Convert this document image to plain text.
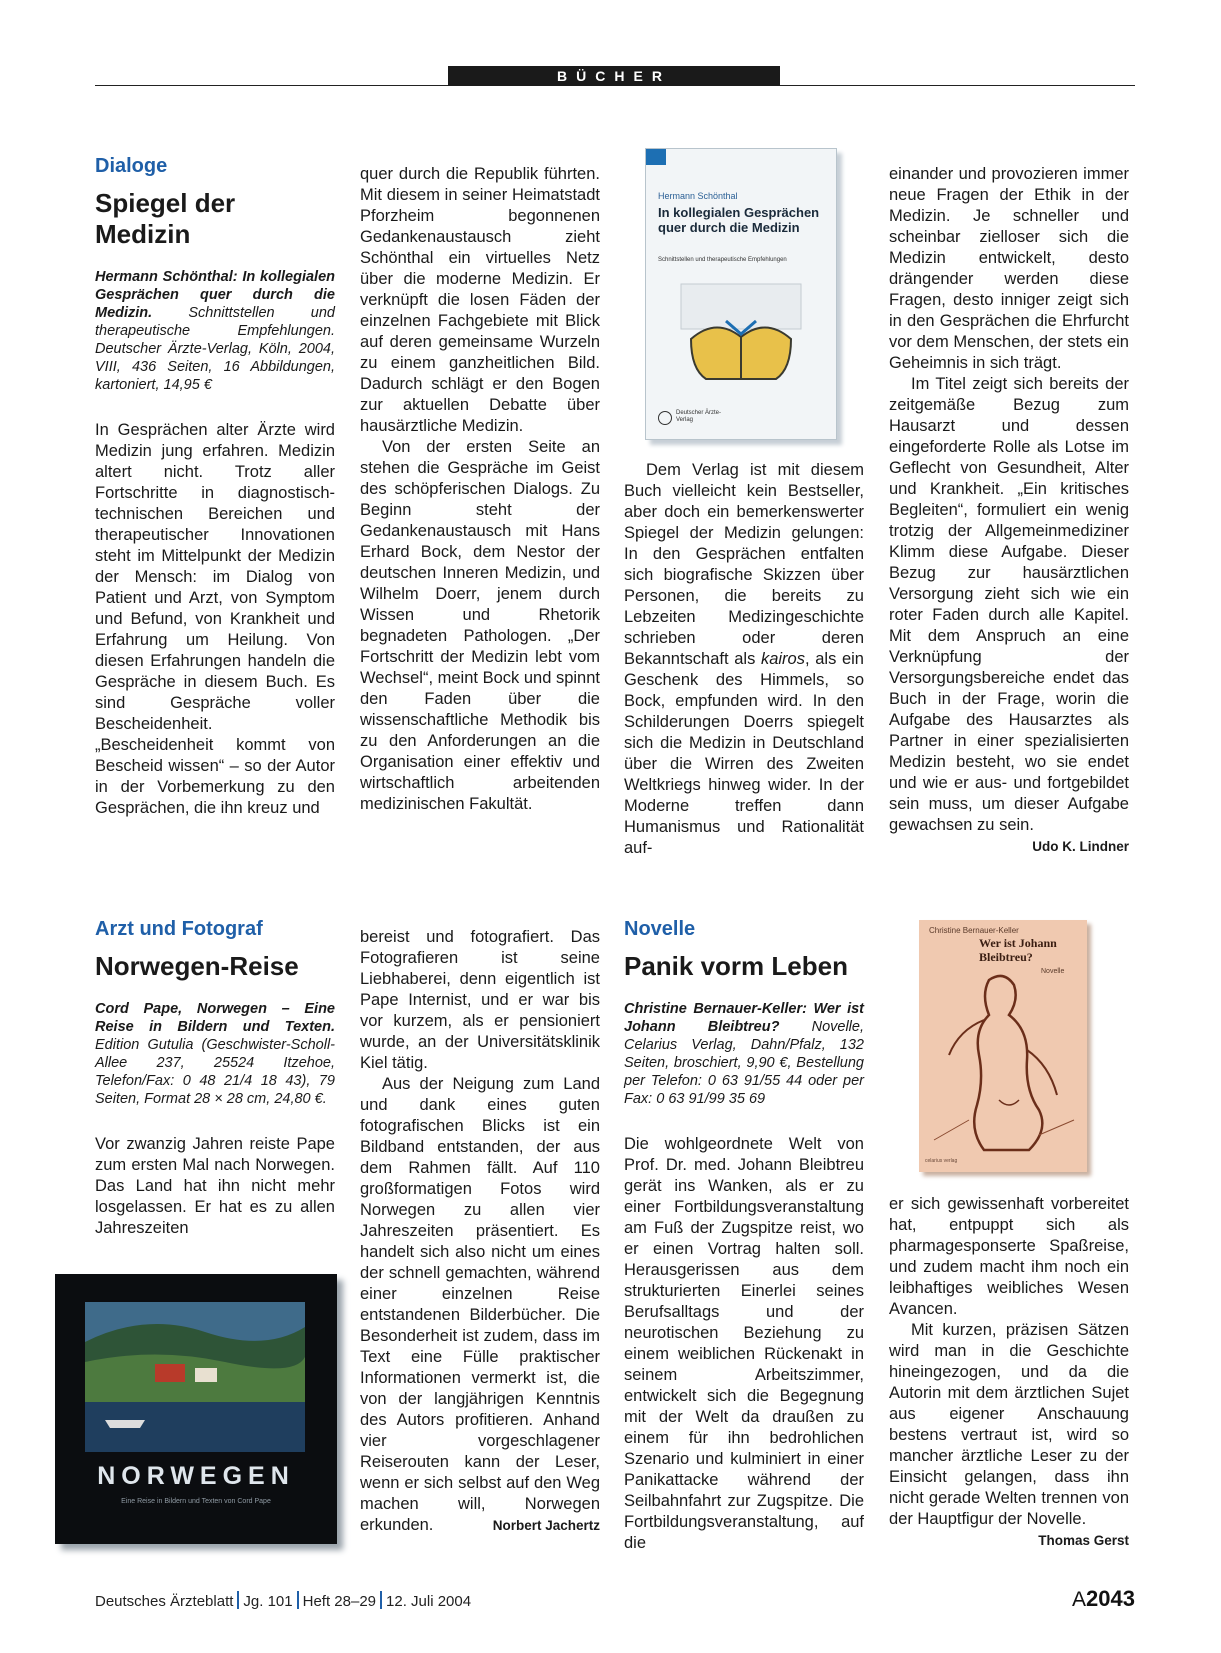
BÜCHER
Dialoge
Spiegel der Medizin
Hermann Schönthal: In kollegialen Gesprächen quer durch die Medizin. Schnittstellen und therapeutische Empfehlungen. Deutscher Ärzte-Verlag, Köln, 2004, VIII, 436 Seiten, 16 Abbildungen, kartoniert, 14,95 €

In Gesprächen alter Ärzte wird Medizin jung erfahren. Medizin altert nicht. Trotz aller Fortschritte in diagnostisch-technischen Bereichen und therapeutischer Innovationen steht im Mittelpunkt der Medizin der Mensch: im Dialog von Patient und Arzt, von Symptom und Befund, von Krankheit und Erfahrung um Heilung. Von diesen Erfahrungen handeln die Gespräche in diesem Buch. Es sind Gespräche voller Bescheidenheit. „Bescheidenheit kommt von Bescheid wissen“ – so der Autor in der Vorbemerkung zu den Gesprächen, die ihn kreuz und

quer durch die Republik führten. Mit diesem in seiner Heimatstadt Pforzheim begonnenen Gedankenaustausch zieht Schönthal ein virtuelles Netz über die moderne Medizin. Er verknüpft die losen Fäden der einzelnen Fachgebiete mit Blick auf deren gemeinsame Wurzeln zu einem ganzheitlichen Bild. Dadurch schlägt er den Bogen zur aktuellen Debatte über hausärztliche Medizin.

Von der ersten Seite an stehen die Gespräche im Geist des schöpferischen Dialogs. Zu Beginn steht der Gedankenaustausch mit Hans Erhard Bock, dem Nestor der deutschen Inneren Medizin, und Wilhelm Doerr, jenem durch Wissen und Rhetorik begnadeten Pathologen. „Der Fortschritt der Medizin lebt vom Wechsel“, meint Bock und spinnt den Faden über die wissenschaftliche Methodik bis zu den Anforderungen an die Organisation einer effektiv und wirtschaftlich arbeitenden medizinischen Fakultät.

Hermann Schönthal
In kollegialen Gesprächen quer durch die Medizin
Schnittstellen und therapeutische Empfehlungen
Deutscher Ärzte-Verlag

Dem Verlag ist mit diesem Buch vielleicht kein Bestseller, aber doch ein bemerkenswerter Spiegel der Medizin gelungen: In den Gesprächen entfalten sich biografische Skizzen über Personen, die bereits zu Lebzeiten Medizingeschichte schrieben oder deren Bekanntschaft als kairos, als ein Geschenk des Himmels, so Bock, empfunden wird. In den Schilderungen Doerrs spiegelt sich die Medizin in Deutschland über die Wirren des Zweiten Weltkriegs hinweg wider. In der Moderne treffen dann Humanismus und Rationalität auf-

einander und provozieren immer neue Fragen der Ethik in der Medizin. Je schneller und scheinbar zielloser sich die Medizin entwickelt, desto drängender werden diese Fragen, desto inniger zeigt sich in den Gesprächen die Ehrfurcht vor dem Menschen, der stets ein Geheimnis in sich trägt.

Im Titel zeigt sich bereits der zeitgemäße Bezug zum Hausarzt und dessen eingeforderte Rolle als Lotse im Geflecht von Gesundheit, Alter und Krankheit. „Ein kritisches Begleiten“, formuliert ein wenig trotzig der Allgemeinmediziner Klimm diese Aufgabe. Dieser Bezug zur hausärztlichen Versorgung zieht sich wie ein roter Faden durch alle Kapitel. Mit dem Anspruch an eine Verknüpfung der Versorgungsbereiche endet das Buch in der Frage, worin die Aufgabe des Hausarztes als Partner in einer spezialisierten Medizin besteht, wo sie endet und wie er aus- und fortgebildet sein muss, um dieser Aufgabe gewachsen zu sein.
Udo K. Lindner

Arzt und Fotograf
Norwegen-Reise
Cord Pape, Norwegen – Eine Reise in Bildern und Texten. Edition Gutulia (Geschwister-Scholl-Allee 237, 25524 Itzehoe, Telefon/Fax: 0 48 21/4 18 43), 79 Seiten, Format 28 × 28 cm, 24,80 €.

Vor zwanzig Jahren reiste Pape zum ersten Mal nach Norwegen. Das Land hat ihn nicht mehr losgelassen. Er hat es zu allen Jahreszeiten

NORWEGEN
Eine Reise in Bildern und Texten von Cord Pape

bereist und fotografiert. Das Fotografieren ist seine Liebhaberei, denn eigentlich ist Pape Internist, und er war bis vor kurzem, als er pensioniert wurde, an der Universitätsklinik Kiel tätig.

Aus der Neigung zum Land und dank eines guten fotografischen Blicks ist ein Bildband entstanden, der aus dem Rahmen fällt. Auf 110 großformatigen Fotos wird Norwegen zu allen vier Jahreszeiten präsentiert. Es handelt sich also nicht um eines der schnell gemachten, während einer einzelnen Reise entstandenen Bilderbücher. Die Besonderheit ist zudem, dass im Text eine Fülle praktischer Informationen vermerkt ist, die von der langjährigen Kenntnis des Autors profitieren. Anhand vier vorgeschlagener Reiserouten kann der Leser, wenn er sich selbst auf den Weg machen will, Norwegen erkunden.	Norbert Jachertz

Novelle
Panik vorm Leben
Christine Bernauer-Keller: Wer ist Johann Bleibtreu? Novelle, Celarius Verlag, Dahn/Pfalz, 132 Seiten, broschiert, 9,90 €, Bestellung per Telefon: 0 63 91/55 44 oder per Fax: 0 63 91/99 35 69

Die wohlgeordnete Welt von Prof. Dr. med. Johann Bleibtreu gerät ins Wanken, als er zu einer Fortbildungsveranstaltung am Fuß der Zugspitze reist, wo er einen Vortrag halten soll. Herausgerissen aus dem strukturierten Einerlei seines Berufsalltags und der neurotischen Beziehung zu einem weiblichen Rückenakt in seinem Arbeitszimmer, entwickelt sich die Begegnung mit der Welt da draußen zu einem für ihn bedrohlichen Szenario und kulminiert in einer Panikattacke während der Seilbahnfahrt zur Zugspitze. Die Fortbildungsveranstaltung, auf die

Christine Bernauer-Keller
Wer ist Johann Bleibtreu?
Novelle
celarius verlag

er sich gewissenhaft vorbereitet hat, entpuppt sich als pharmagesponserte Spaßreise, und zudem macht ihm noch ein leibhaftiges weibliches Wesen Avancen.

Mit kurzen, präzisen Sätzen wird man in die Geschichte hineingezogen, und da die Autorin mit dem ärztlichen Sujet aus eigener Anschauung bestens vertraut ist, wird so mancher ärztliche Leser zu der Einsicht gelangen, dass ihn nicht gerade Welten trennen von der Hauptfigur der Novelle.
Thomas Gerst

Deutsches Ärzteblatt Jg. 101 Heft 28–29 12. Juli 2004	A2043
